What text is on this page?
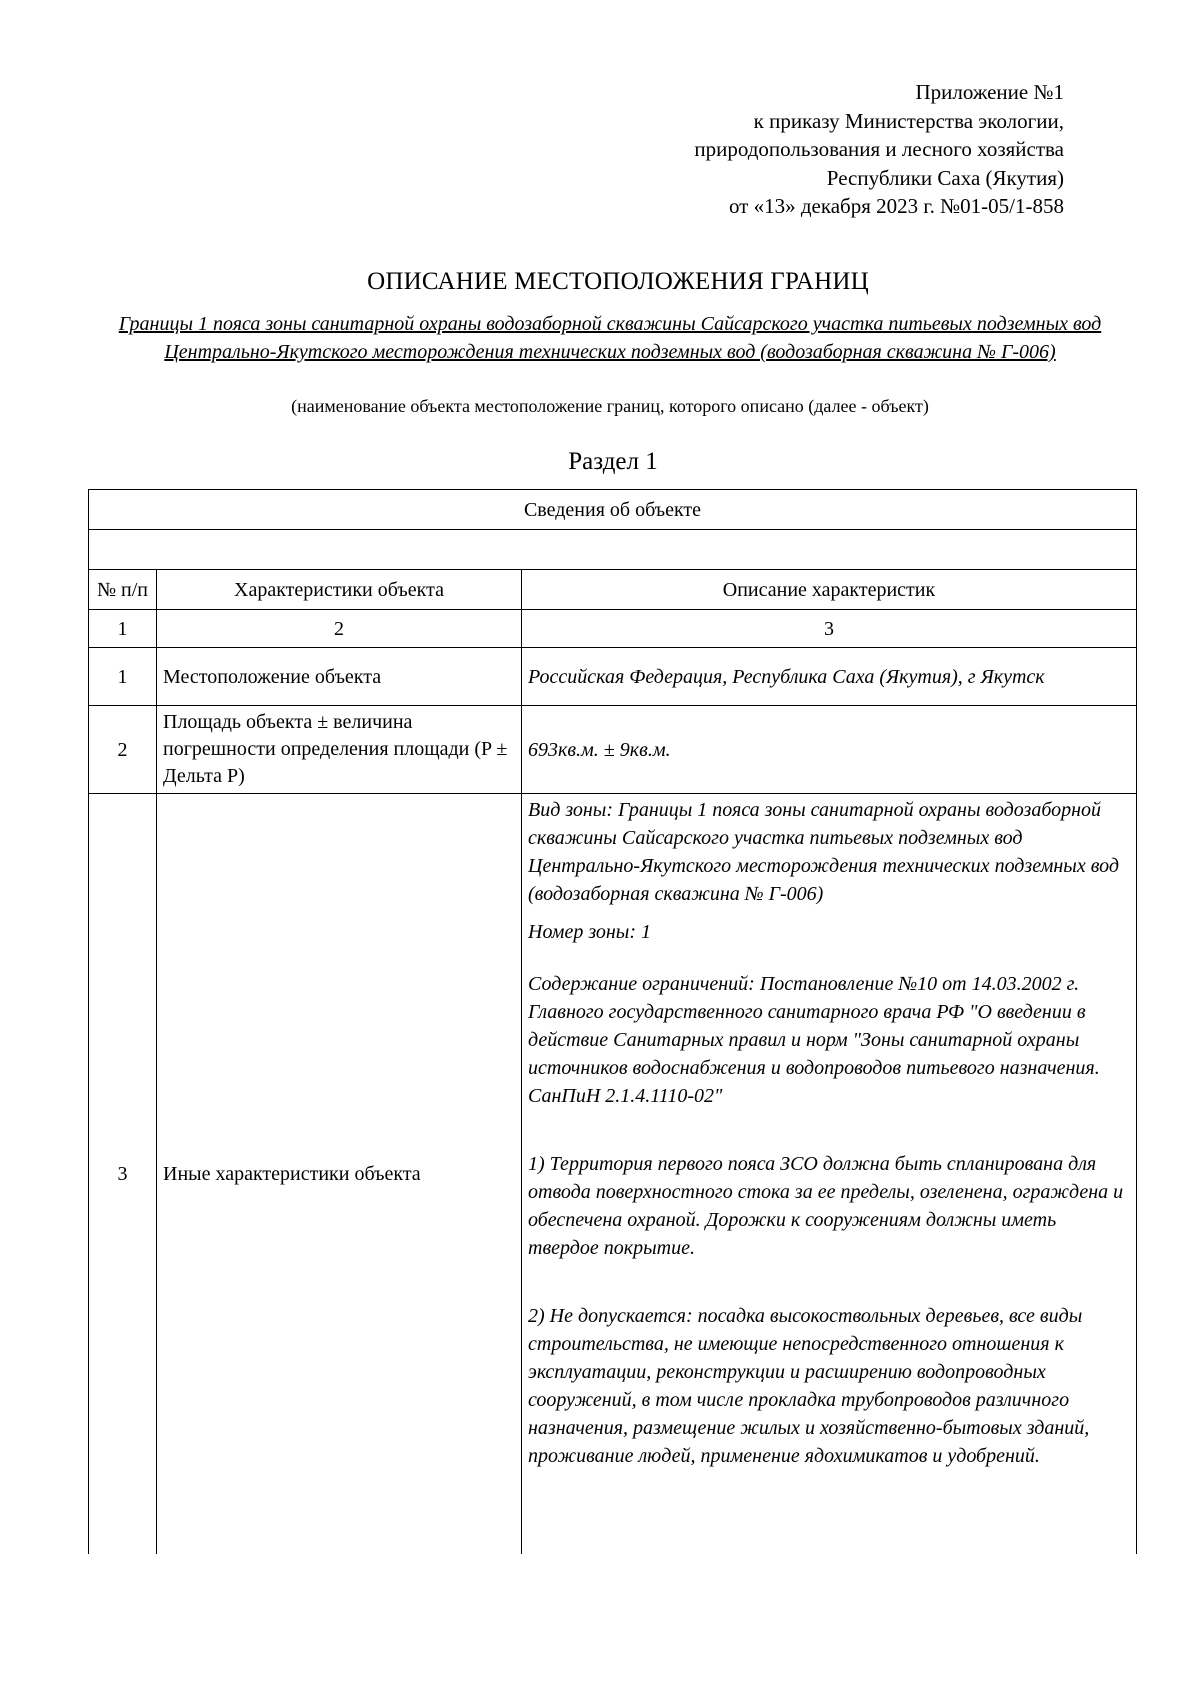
Приложение №1
к приказу Министерства экологии,
природопользования и лесного хозяйства
Республики Саха (Якутия)
от «13» декабря 2023 г. №01-05/1-858
ОПИСАНИЕ МЕСТОПОЛОЖЕНИЯ ГРАНИЦ
Границы 1 пояса зоны санитарной охраны водозаборной скважины Сайсарского участка питьевых подземных вод Центрально-Якутского месторождения технических подземных вод (водозаборная скважина № Г-006)
(наименование объекта местоположение границ, которого описано (далее - объект)
Раздел 1
Сведения об объекте		

№ п/п	Характеристики объекта	Описание характеристик
1	2	3
1	Местоположение объекта	Российская Федерация, Республика Саха (Якутия), г Якутск
2	Площадь объекта ± величина погрешности определения площади (P ± Дельта P)	693кв.м. ± 9кв.м.
3	Иные характеристики объекта	Вид зоны: Границы 1 пояса зоны санитарной охраны водозаборной скважины Сайсарского участка питьевых подземных вод Центрально-Якутского месторождения технических подземных вод (водозаборная скважина № Г-006)

Номер зоны: 1

Содержание ограничений: Постановление №10 от 14.03.2002 г. Главного государственного санитарного врача РФ "О введении в действие Санитарных правил и норм "Зоны санитарной охраны источников водоснабжения и водопроводов питьевого назначения. СанПиН 2.1.4.1110-02"

1) Территория первого пояса ЗСО должна быть спланирована для отвода поверхностного стока за ее пределы, озеленена, ограждена и обеспечена охраной. Дорожки к сооружениям должны иметь твердое покрытие.

2) Не допускается: посадка высокоствольных деревьев, все виды строительства, не имеющие непосредственного отношения к эксплуатации, реконструкции и расширению водопроводных сооружений, в том числе прокладка трубопроводов различного назначения, размещение жилых и хозяйственно-бытовых зданий, проживание людей, применение ядохимикатов и удобрений.
